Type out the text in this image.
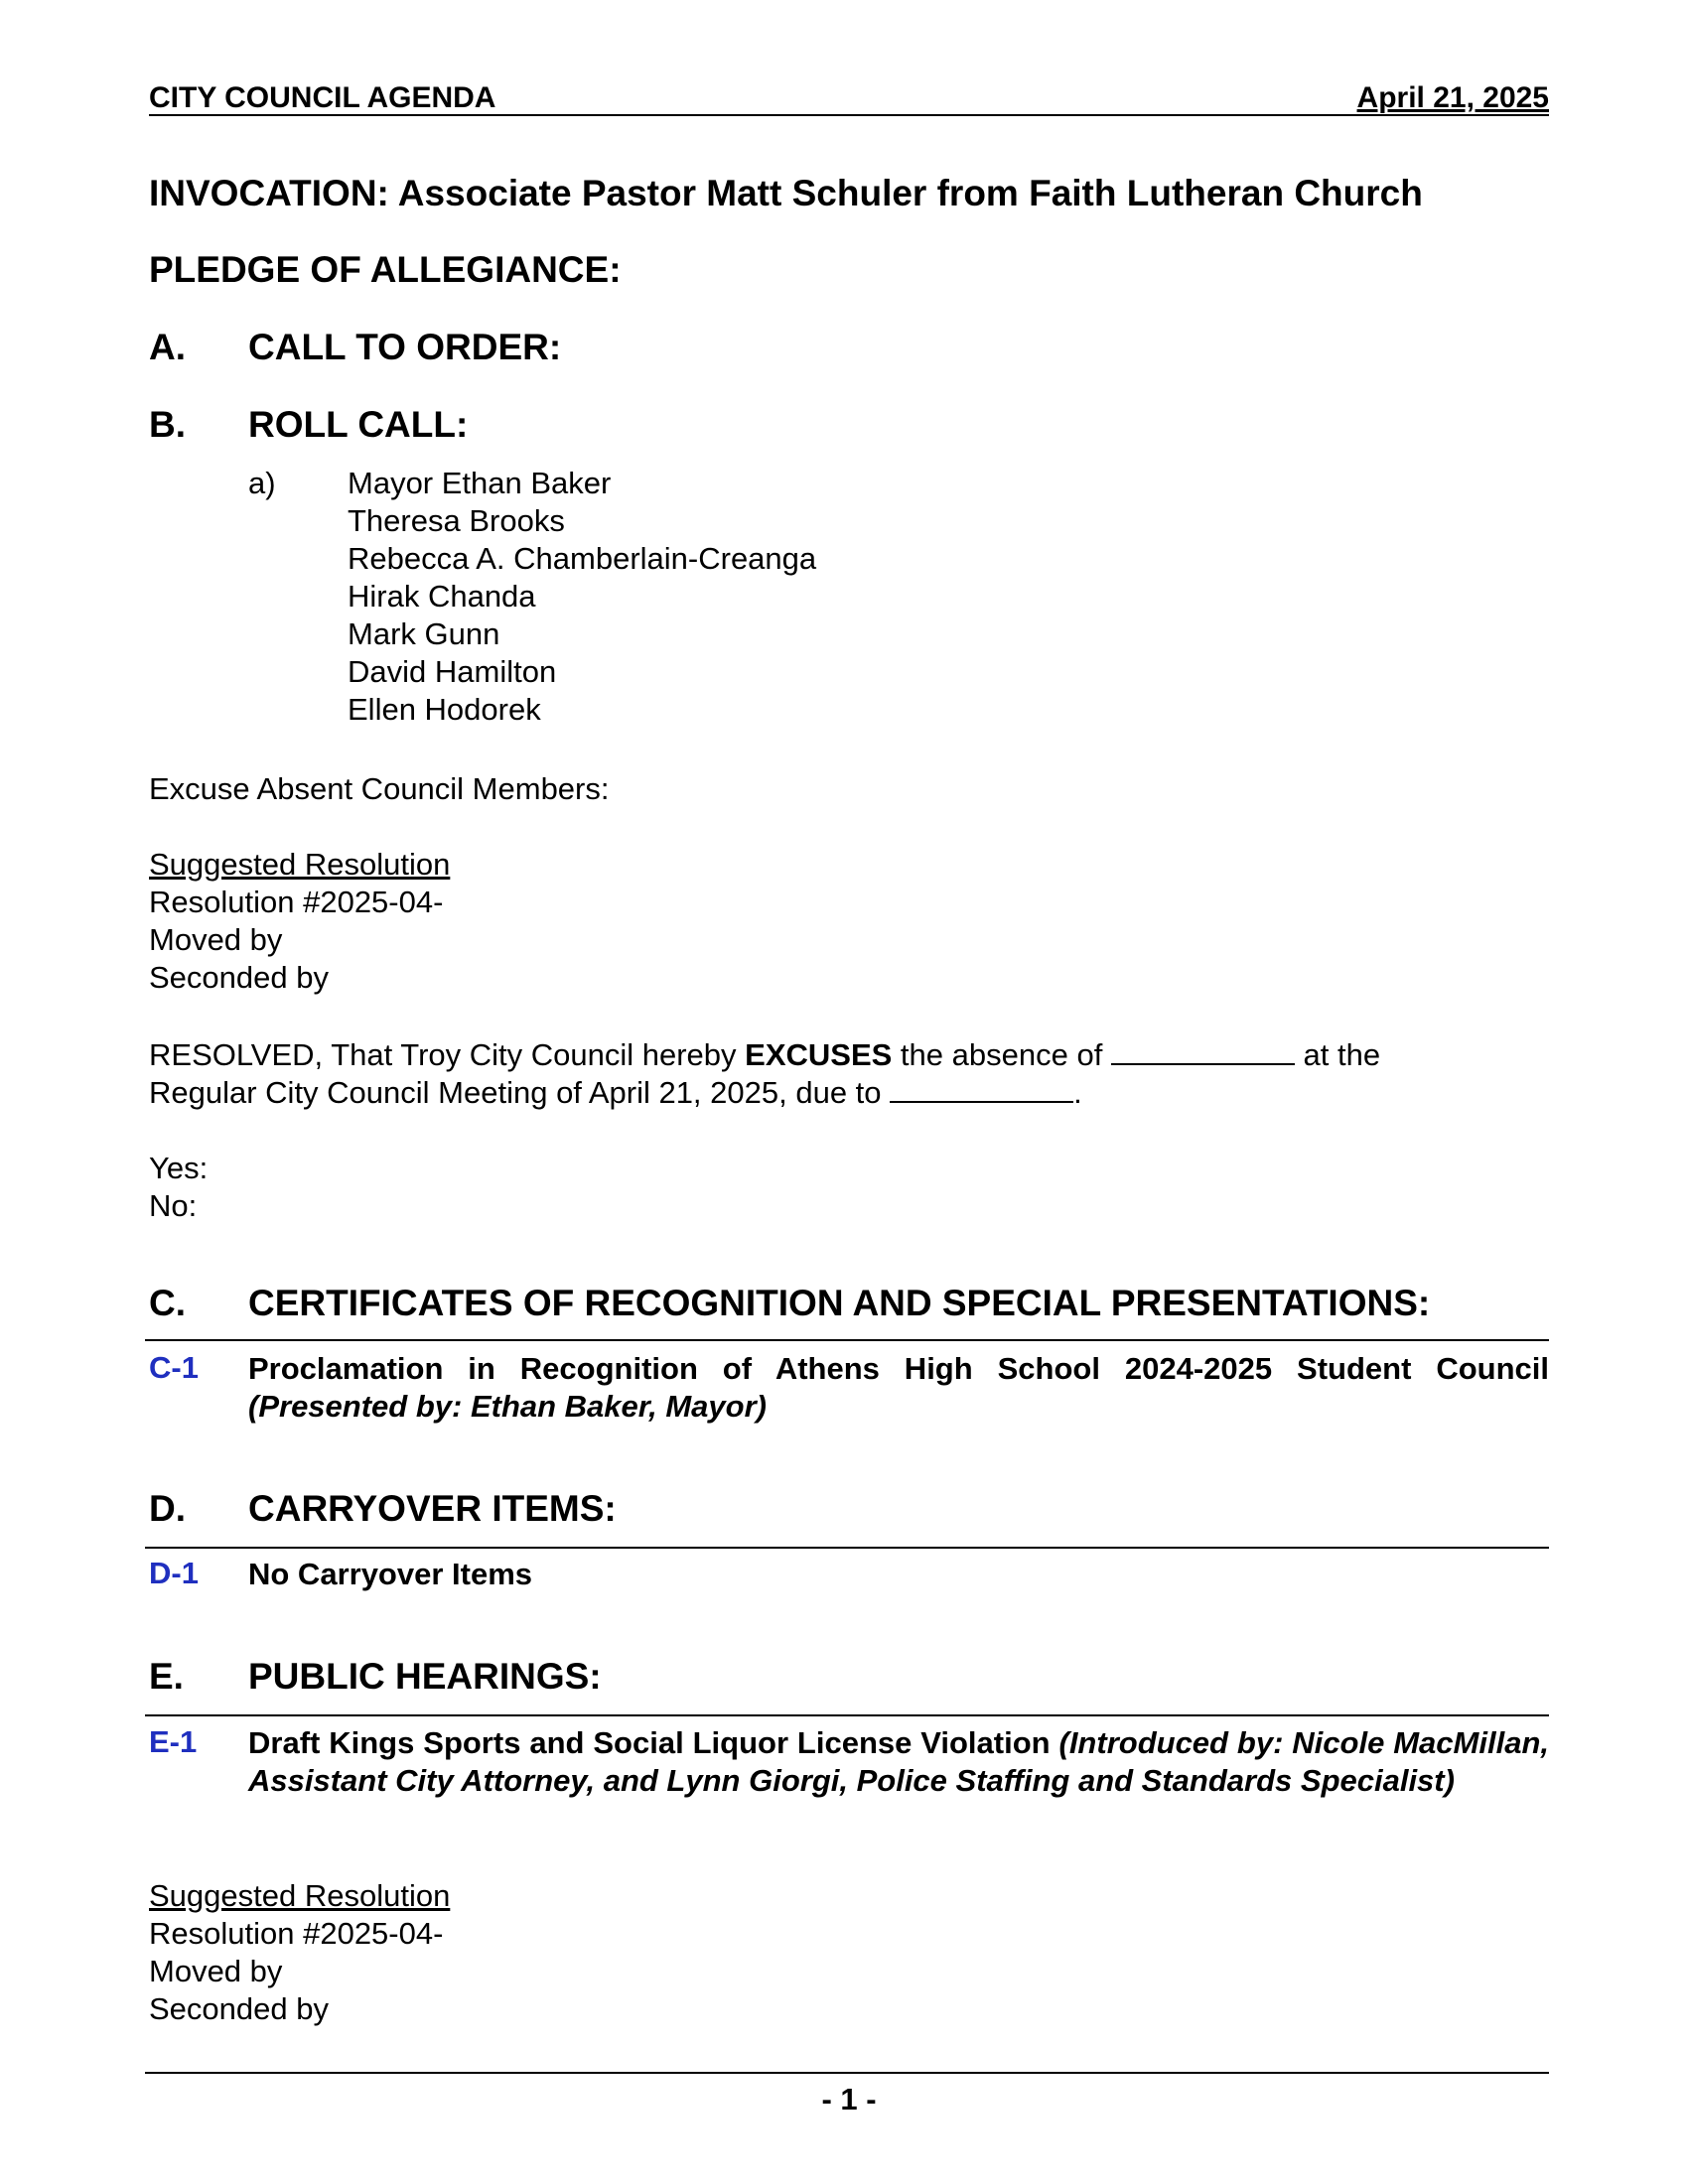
CITY COUNCIL AGENDA	April 21, 2025
INVOCATION: Associate Pastor Matt Schuler from Faith Lutheran Church
PLEDGE OF ALLEGIANCE:
A. CALL TO ORDER:
B. ROLL CALL:
a) Mayor Ethan Baker
Theresa Brooks
Rebecca A. Chamberlain-Creanga
Hirak Chanda
Mark Gunn
David Hamilton
Ellen Hodorek
Excuse Absent Council Members:
Suggested Resolution
Resolution #2025-04-
Moved by
Seconded by
RESOLVED, That Troy City Council hereby EXCUSES the absence of	at the
Regular City Council Meeting of April 21, 2025, due to	.
Yes:
No:
C. CERTIFICATES OF RECOGNITION AND SPECIAL PRESENTATIONS:
C-1 Proclamation in Recognition of Athens High School 2024-2025 Student Council
(Presented by: Ethan Baker, Mayor)
D. CARRYOVER ITEMS:
D-1 No Carryover Items
E. PUBLIC HEARINGS:
E-1 Draft Kings Sports and Social Liquor License Violation (Introduced by: Nicole MacMillan, Assistant City Attorney, and Lynn Giorgi, Police Staffing and Standards Specialist)
Suggested Resolution
Resolution #2025-04-
Moved by
Seconded by
- 1 -
